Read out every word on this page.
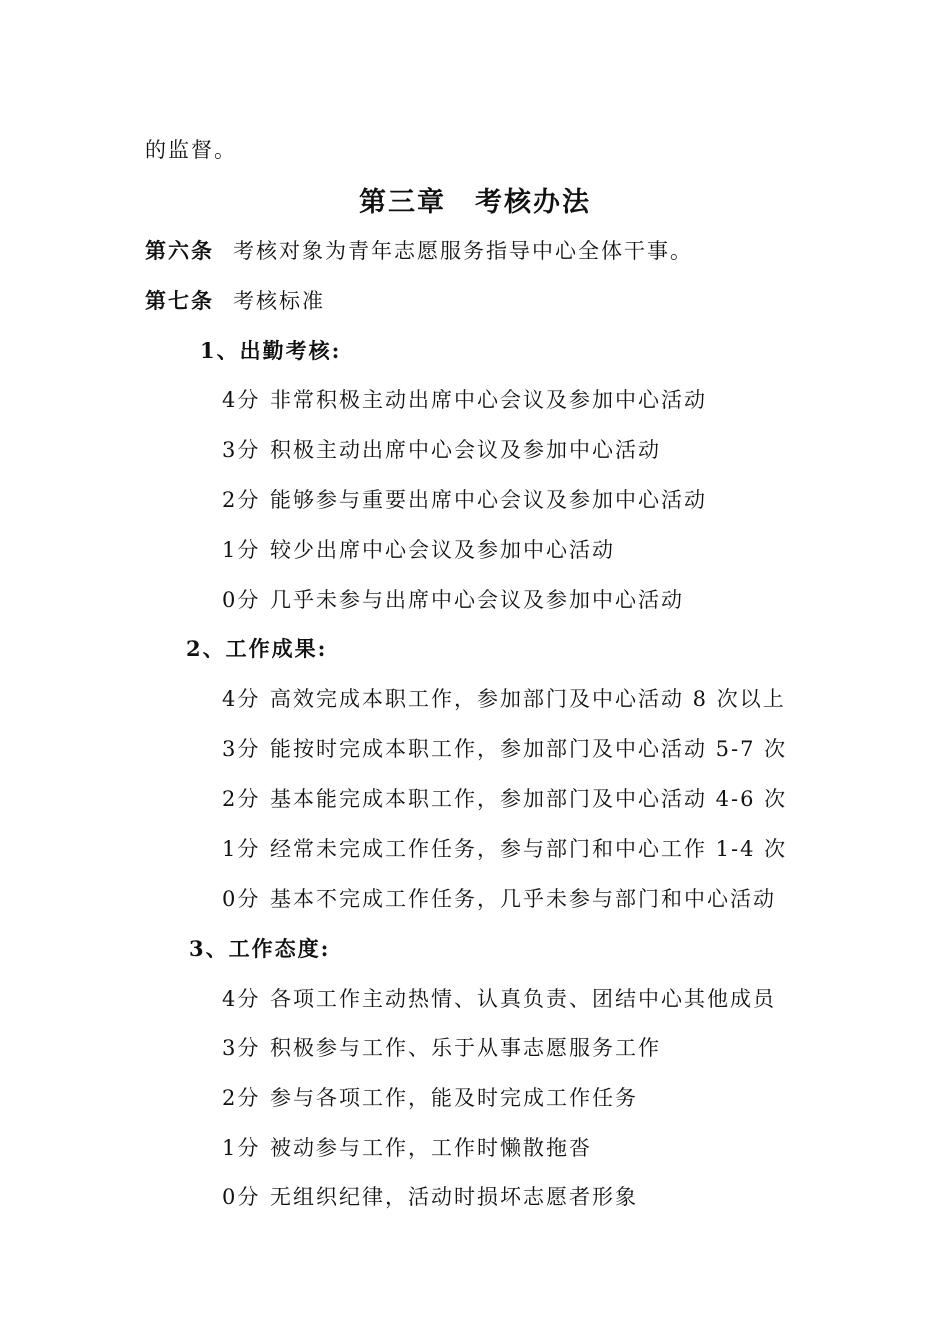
的监督。
第三章　考核办法
第六条 考核对象为青年志愿服务指导中心全体干事。
第七条 考核标准
1、出勤考核:
4分 非常积极主动出席中心会议及参加中心活动
3分 积极主动出席中心会议及参加中心活动
2分 能够参与重要出席中心会议及参加中心活动
1分 较少出席中心会议及参加中心活动
0分 几乎未参与出席中心会议及参加中心活动
2、工作成果:
4分 高效完成本职工作，参加部门及中心活动 8 次以上
3分 能按时完成本职工作，参加部门及中心活动 5-7 次
2分 基本能完成本职工作，参加部门及中心活动 4-6 次
1分 经常未完成工作任务，参与部门和中心工作 1-4 次
0分 基本不完成工作任务，几乎未参与部门和中心活动
3、工作态度:
4分 各项工作主动热情、认真负责、团结中心其他成员
3分 积极参与工作、乐于从事志愿服务工作
2分 参与各项工作，能及时完成工作任务
1分 被动参与工作，工作时懒散拖沓
0分 无组织纪律，活动时损坏志愿者形象
